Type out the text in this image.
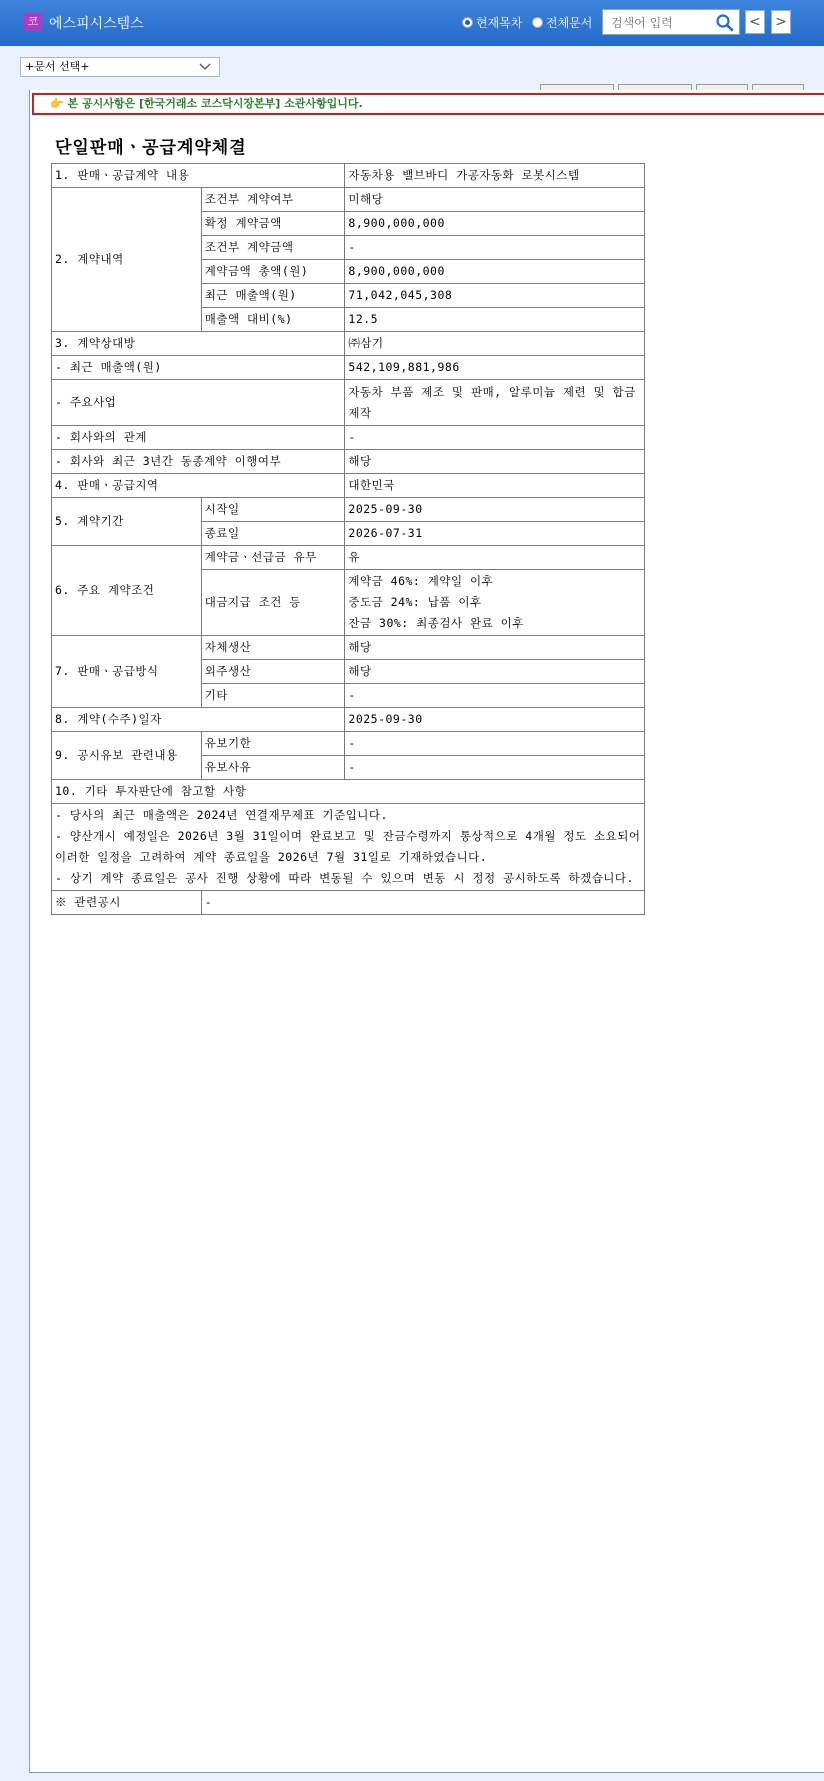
코 에스피시스템스	현재목차 전체문서
검색어 입력	< >
+문서 선택+
👉 본 공시사항은 [한국거래소 코스닥시장본부] 소관사항입니다.
단일판매ㆍ공급계약체결
1. 판매ㆍ공급계약 내용		자동차용 밸브바디 가공자동화 로봇시스템
2. 계약내역	조건부 계약여부	미해당
	확정 계약금액	8,900,000,000
	조건부 계약금액	-
	계약금액 총액(원)	8,900,000,000
	최근 매출액(원)	71,042,045,308
	매출액 대비(%)	12.5
3. 계약상대방		㈜삼기
- 최근 매출액(원)		542,109,881,986
- 주요사업		자동차 부품 제조 및 판매, 알루미늄 제련 및 합금 제작
- 회사와의 관계		-
- 회사와 최근 3년간 동종계약 이행여부		해당
4. 판매ㆍ공급지역		대한민국
5. 계약기간	시작일	2025-09-30
	종료일	2026-07-31
6. 주요 계약조건	계약금ㆍ선급금 유무	유
	대금지급 조건 등	계약금 46%: 계약일 이후
중도금 24%: 납품 이후
잔금 30%: 최종검사 완료 이후

7. 판매ㆍ공급방식	자체생산	해당
	외주생산	해당
	기타	-
8. 계약(수주)일자		2025-09-30
9. 공시유보 관련내용	유보기한	-
	유보사유	-
10. 기타 투자판단에 참고할 사항		

- 당사의 최근 매출액은 2024년 연결재무제표 기준입니다.
- 양산개시 예정일은 2026년 3월 31일이며 완료보고 및 잔금수령까지 통상적으로 4개월 정도 소요되어 이러한 일정을 고려하여 계약 종료일을 2026년 7월 31일로 기재하였습니다.
- 상기 계약 종료일은 공사 진행 상황에 따라 변동될 수 있으며 변동 시 정정 공시하도록 하겠습니다.		

※ 관련공시	-	
